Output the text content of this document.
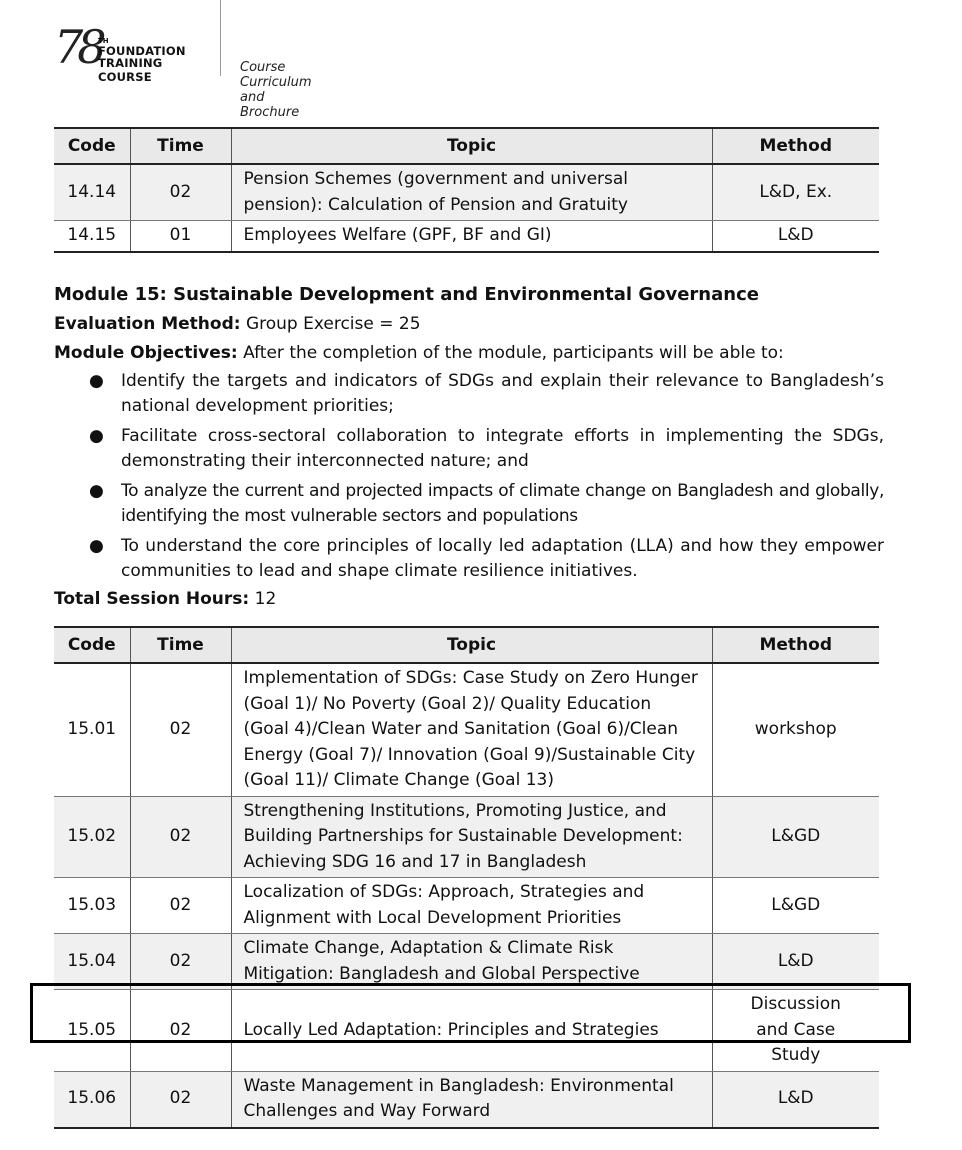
78
TH
FOUNDATION
TRAINING COURSE
Course Curriculum and Brochure
Code	Time	Topic	Method
14.14	02	Pension Schemes (government and universal pension): Calculation of Pension and Gratuity	L&D, Ex.
14.15	01	Employees Welfare (GPF, BF and GI)	L&D
Module 15: Sustainable Development and Environmental Governance
Evaluation Method: Group Exercise = 25
Module Objectives: After the completion of the module, participants will be able to:
● Identify the targets and indicators of SDGs and explain their relevance to Bangladesh’s national development priorities;
● Facilitate cross-sectoral collaboration to integrate efforts in implementing the SDGs, demonstrating their interconnected nature; and
● To analyze the current and projected impacts of climate change on Bangladesh and globally, identifying the most vulnerable sectors and populations
● To understand the core principles of locally led adaptation (LLA) and how they empower communities to lead and shape climate resilience initiatives.
Total Session Hours: 12
Code	Time	Topic	Method
15.01	02	Implementation of SDGs: Case Study on Zero Hunger (Goal 1)/ No Poverty (Goal 2)/ Quality Education (Goal 4)/Clean Water and Sanitation (Goal 6)/Clean Energy (Goal 7)/ Innovation (Goal 9)/Sustainable City (Goal 11)/ Climate Change (Goal 13)	workshop
15.02	02	Strengthening Institutions, Promoting Justice, and Building Partnerships for Sustainable Development: Achieving SDG 16 and 17 in Bangladesh	L&GD
15.03	02	Localization of SDGs: Approach, Strategies and Alignment with Local Development Priorities	L&GD
15.04	02	Climate Change, Adaptation & Climate Risk Mitigation: Bangladesh and Global Perspective	L&D
15.05	02	Locally Led Adaptation: Principles and Strategies	Discussion and Case Study
15.06	02	Waste Management in Bangladesh: Environmental Challenges and Way Forward	L&D
